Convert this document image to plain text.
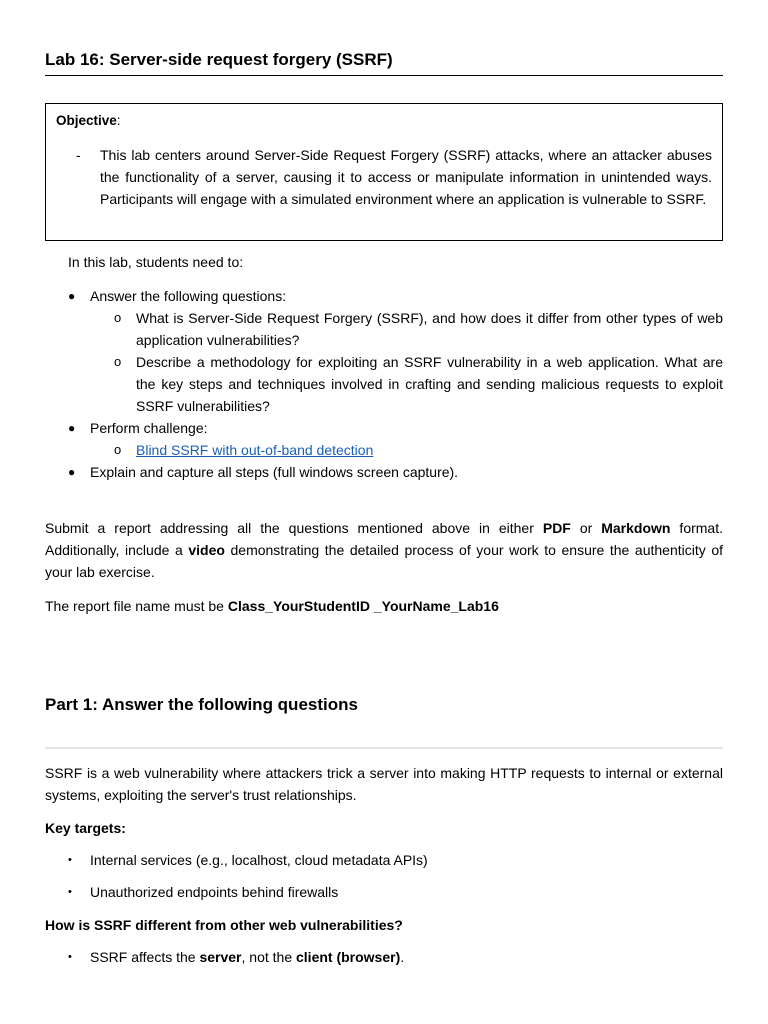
Lab 16: Server-side request forgery (SSRF)
Objective:
- This lab centers around Server-Side Request Forgery (SSRF) attacks, where an attacker abuses the functionality of a server, causing it to access or manipulate information in unintended ways. Participants will engage with a simulated environment where an application is vulnerable to SSRF.
In this lab, students need to:
● Answer the following questions:
o What is Server-Side Request Forgery (SSRF), and how does it differ from other types of web application vulnerabilities?
o Describe a methodology for exploiting an SSRF vulnerability in a web application. What are the key steps and techniques involved in crafting and sending malicious requests to exploit SSRF vulnerabilities?
● Perform challenge:
o Blind SSRF with out-of-band detection
● Explain and capture all steps (full windows screen capture).
Submit a report addressing all the questions mentioned above in either PDF or Markdown format. Additionally, include a video demonstrating the detailed process of your work to ensure the authenticity of your lab exercise.
The report file name must be Class_YourStudentID _YourName_Lab16
Part 1: Answer the following questions
SSRF is a web vulnerability where attackers trick a server into making HTTP requests to internal or external systems, exploiting the server's trust relationships.
Key targets:
• Internal services (e.g., localhost, cloud metadata APIs)
• Unauthorized endpoints behind firewalls
How is SSRF different from other web vulnerabilities?
• SSRF affects the server, not the client (browser).
